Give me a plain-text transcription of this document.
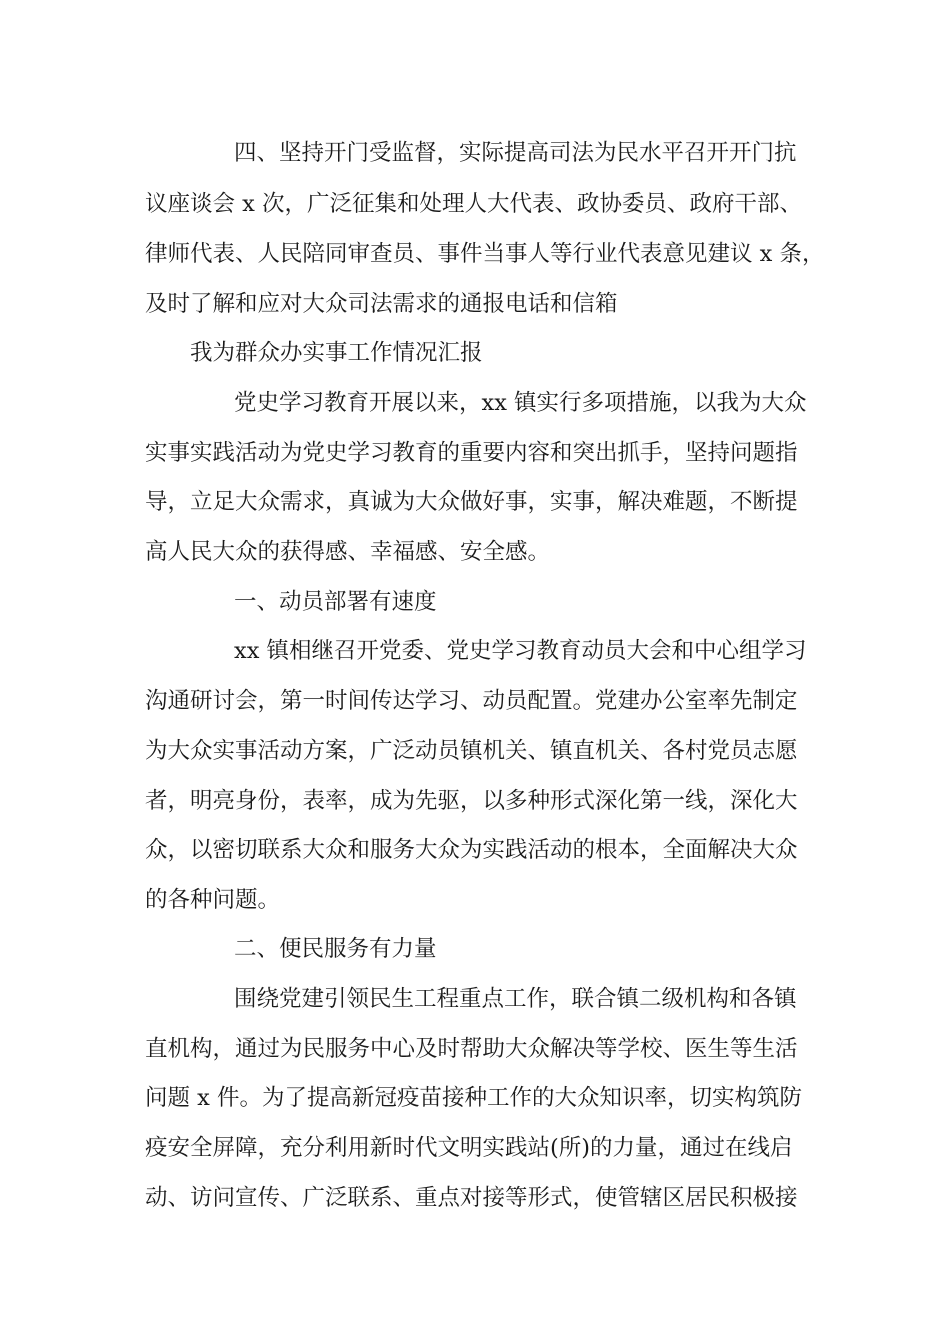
四、坚持开门受监督，实际提高司法为民水平召开开门抗
议座谈会 x 次，广泛征集和处理人大代表、政协委员、政府干部、
律师代表、人民陪同审查员、事件当事人等行业代表意见建议 x 条，
及时了解和应对大众司法需求的通报电话和信箱
我为群众办实事工作情况汇报
党史学习教育开展以来，xx 镇实行多项措施，以我为大众
实事实践活动为党史学习教育的重要内容和突出抓手，坚持问题指
导，立足大众需求，真诚为大众做好事，实事，解决难题，不断提
高人民大众的获得感、幸福感、安全感。
一、动员部署有速度
xx 镇相继召开党委、党史学习教育动员大会和中心组学习
沟通研讨会，第一时间传达学习、动员配置。党建办公室率先制定
为大众实事活动方案，广泛动员镇机关、镇直机关、各村党员志愿
者，明亮身份，表率，成为先驱，以多种形式深化第一线，深化大
众，以密切联系大众和服务大众为实践活动的根本，全面解决大众
的各种问题。
二、便民服务有力量
围绕党建引领民生工程重点工作，联合镇二级机构和各镇
直机构，通过为民服务中心及时帮助大众解决等学校、医生等生活
问题 x 件。为了提高新冠疫苗接种工作的大众知识率，切实构筑防
疫安全屏障，充分利用新时代文明实践站(所)的力量，通过在线启
动、访问宣传、广泛联系、重点对接等形式，使管辖区居民积极接
